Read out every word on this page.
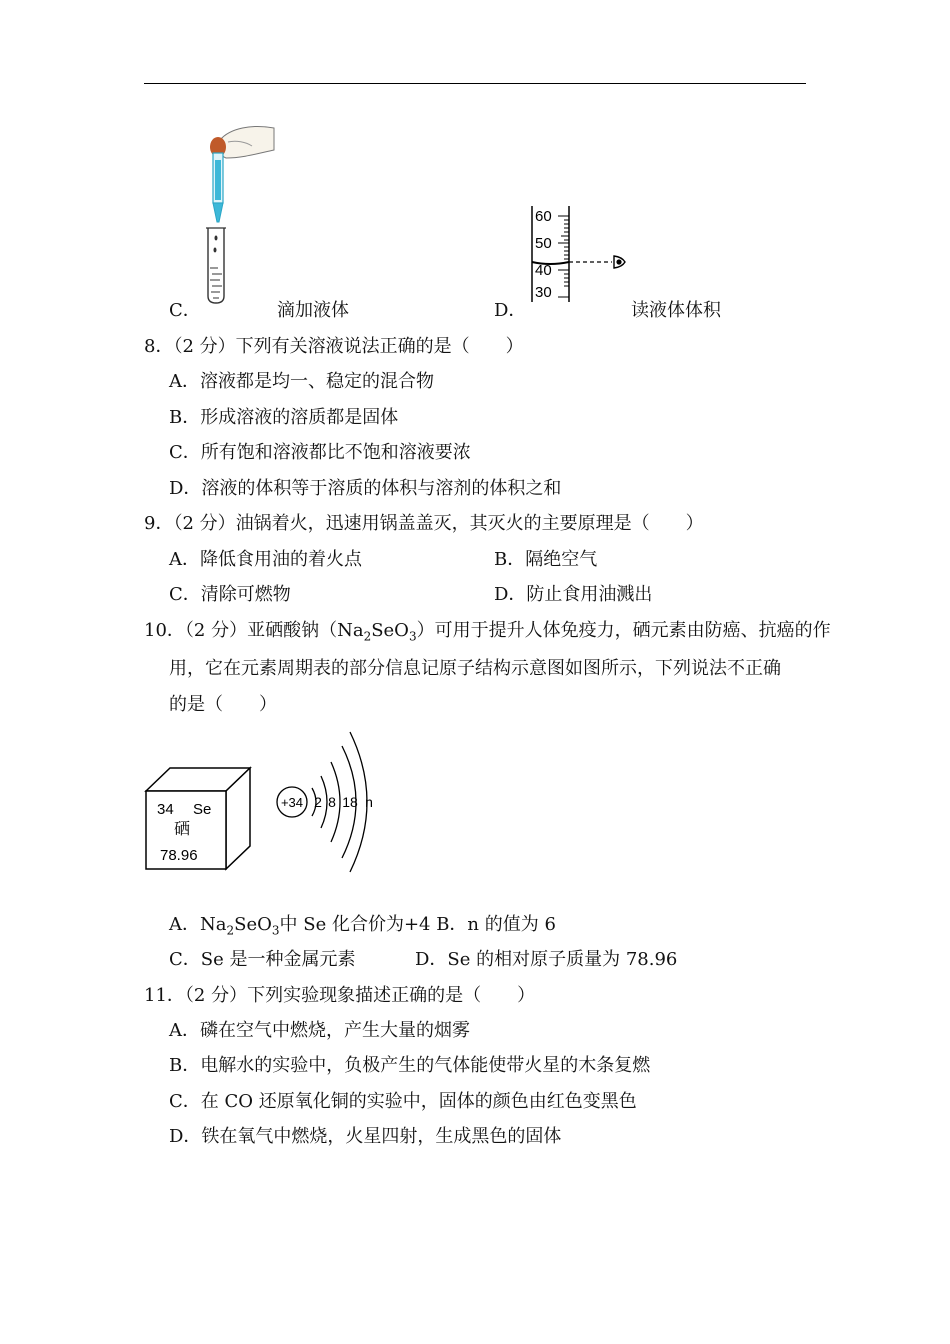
60
50
40
30
C．	滴加液体	D．	读液体体积
8．（2 分）下列有关溶液说法正确的是（　　）
A．溶液都是均一、稳定的混合物
B．形成溶液的溶质都是固体
C．所有饱和溶液都比不饱和溶液要浓
D．溶液的体积等于溶质的体积与溶剂的体积之和
9．（2 分）油锅着火，迅速用锅盖盖灭，其灭火的主要原理是（　　）
A．降低食用油的着火点	B．隔绝空气
C．清除可燃物	D．防止食用油溅出
10．（2 分）亚硒酸钠$(Na_2SeO_3)$可用于提升人体免疫力，硒元素由防癌、抗癌的作
用，它在元素周期表的部分信息记原子结构示意图如图所示，下列说法不正确
的是（　　）
34 Se
硒
78.96
+34 2 8 18 n
A．$Na_2SeO_3$中 Se 化合价为+4 B．n 的值为 6
C．Se 是一种金属元素	D．Se 的相对原子质量为 78.96
11．（2 分）下列实验现象描述正确的是（　　）
A．磷在空气中燃烧，产生大量的烟雾
B．电解水的实验中，负极产生的气体能使带火星的木条复燃
C．在 CO 还原氧化铜的实验中，固体的颜色由红色变黑色
D．铁在氧气中燃烧，火星四射，生成黑色的固体
